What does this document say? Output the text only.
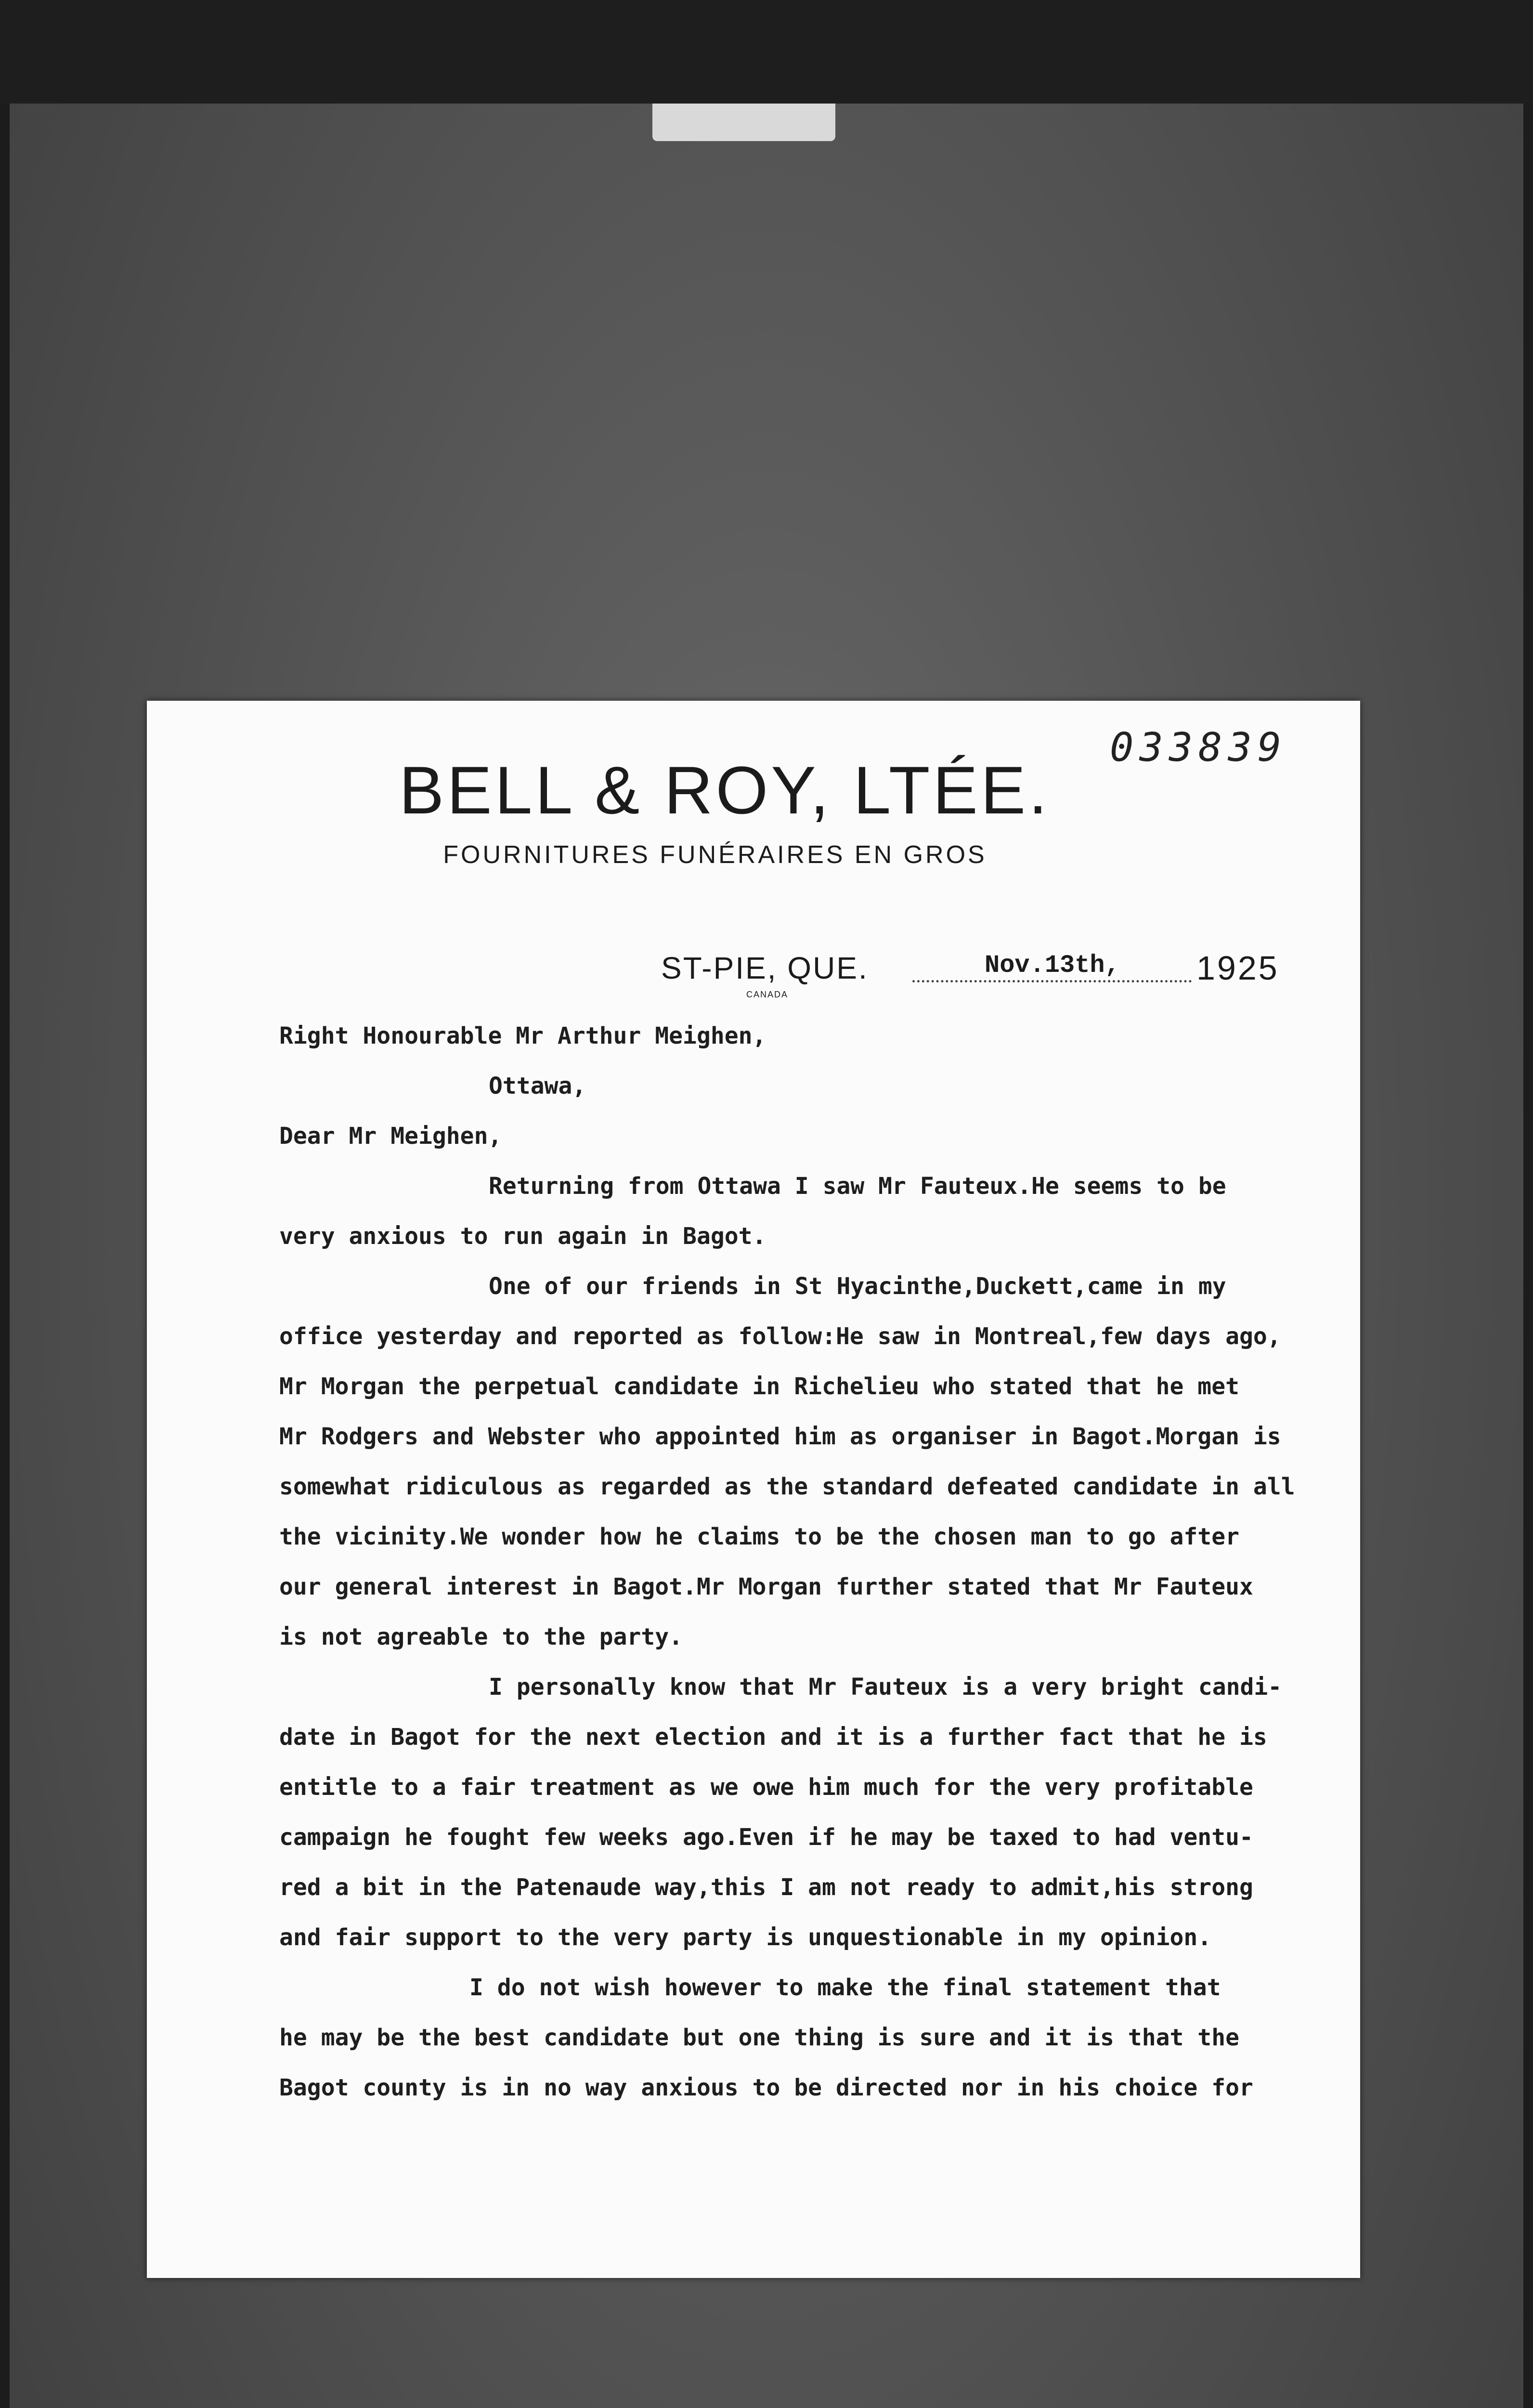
033839

BELL & ROY, LTÉE.

FOURNITURES FUNÉRAIRES EN GROS

ST-PIE, QUE.

CANADA

Nov.13th, 1925

Right Honourable Mr Arthur Meighen,

Ottawa,

Dear Mr Meighen,

Returning from Ottawa I saw Mr Fauteux.He seems to be

very anxious to run again in Bagot.

One of our friends in St Hyacinthe,Duckett,came in my

office yesterday and reported as follow:He saw in Montreal,few days ago,

Mr Morgan the perpetual candidate in Richelieu who stated that he met

Mr Rodgers and Webster who appointed him as organiser in Bagot.Morgan is

somewhat ridiculous as regarded as the standard defeated candidate in all

the vicinity.We wonder how he claims to be the chosen man to go after

our general interest in Bagot.Mr Morgan further stated that Mr Fauteux

is not agreable to the party.

I personally know that Mr Fauteux is a very bright candi-

date in Bagot for the next election and it is a further fact that he is

entitle to a fair treatment as we owe him much for the very profitable

campaign he fought few weeks ago.Even if he may be taxed to had ventu-

red a bit in the Patenaude way,this I am not ready to admit,his strong

and fair support to the very party is unquestionable in my opinion.

I do not wish however to make the final statement that

he may be the best candidate but one thing is sure and it is that the

Bagot county is in no way anxious to be directed nor in his choice for
